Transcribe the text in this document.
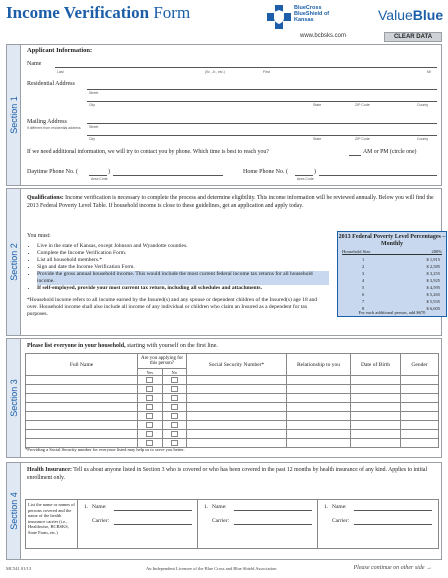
Income Verification Form	BlueCross BlueShield of Kansas	ValueBlue
www.bcbsks.com	CLEAR DATA
Section 1
Applicant Information:
Name
Last	(Sr., Jr., etc.)	First	MI
Residential Address
Street
City	State	ZIP Code	County
Mailing Address
if different from residential address Street
City	State	ZIP Code	County
If we need additional information, we will try to contact you by phone. Which time is best to reach you?	AM or PM (circle one)
Daytime Phone No. (	)
Area Code
Home Phone No. (	)
Area Code
Section 2
Qualifications: Income verification is necessary to complete the process and determine eligibility. This income information will be reviewed annually. Below you will find the 2013 Federal Poverty Level Table. If household income is close to these guidelines, get an application and apply today.
You must:
• Live in the state of Kansas, except Johnson and Wyandotte counties.
• Complete the Income Verification Form.
• List all household members.*
• Sign and date the Income Verification Form.
• Provide the gross annual household income. This would include the most current federal income tax returns for all household income.
• If self-employed, provide your most current tax return, including all schedules and attachments.
*Household income refers to all income earned by the Insured(s) and any spouse or dependent children of the Insured(s) age 18 and over. Household income shall also include all income of any individual or children who claim an Insured as a dependent for tax purposes.
2013 Federal Poverty Level Percentages – Monthly
Household Size	200%
1	$ 1,915
2	$ 2,585
3	$ 3,255
4	$ 3,925
5	$ 4,595
6	$ 5,265
7	$ 5,935
8	$ 6,605
For each additional person, add $670
Section 3
Please list everyone in your household, starting with yourself on the first line.
Full Name	Are you applying for this person?		Social Security Number*	Relationship to you	Date of Birth	Gender
	Yes	No				

*Providing a Social Security number for everyone listed may help us to serve you better.
Section 4
Health Insurance: Tell us about anyone listed in Section 3 who is covered or who has been covered in the past 12 months by health insurance of any kind. Applies to initial enrollment only.
List the name or names of persons covered and the name of the health insurance carrier (i.e., Healthwise, BCBSKS, State Farm, etc.)
1. Name:
Carrier:
1. Name:
Carrier:
1. Name:
Carrier:
MC541 01/13	An Independent Licensee of the Blue Cross and Blue Shield Association	Please continue on other side →
